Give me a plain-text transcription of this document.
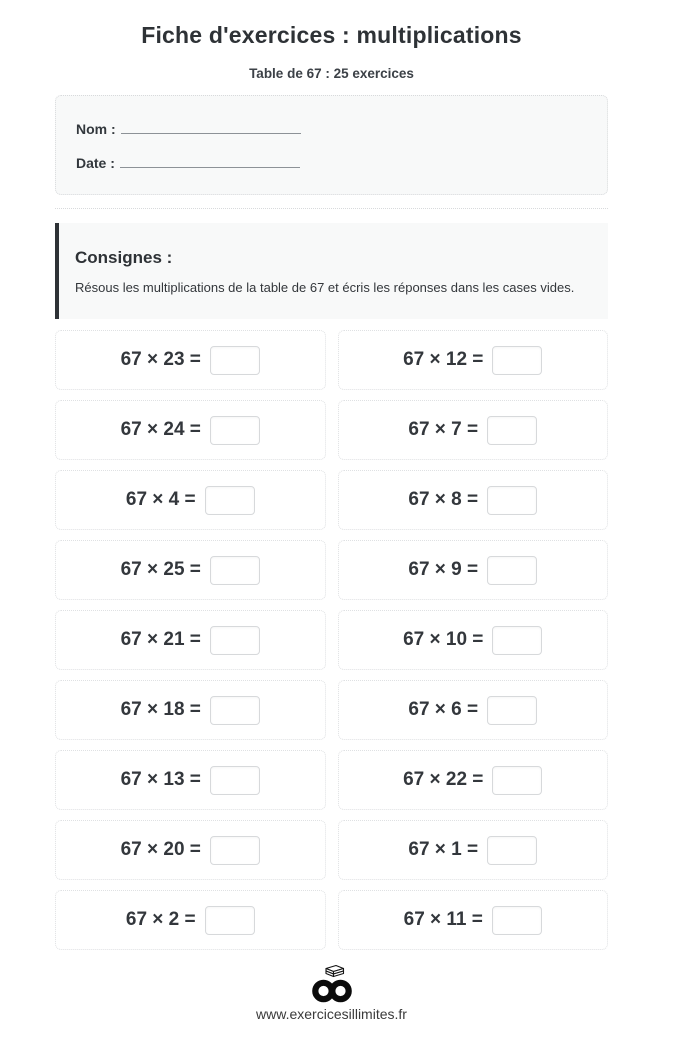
Fiche d'exercices : multiplications
Table de 67 : 25 exercices
Nom :
Date :
Consignes :
Résous les multiplications de la table de 67 et écris les réponses dans les cases vides.
67 × 23 =	67 × 12 =
67 × 24 =	67 × 7 =
67 × 4 =	67 × 8 =
67 × 25 =	67 × 9 =
67 × 21 =	67 × 10 =
67 × 18 =	67 × 6 =
67 × 13 =	67 × 22 =
67 × 20 =	67 × 1 =
67 × 2 =	67 × 11 =
www.exercicesillimites.fr
